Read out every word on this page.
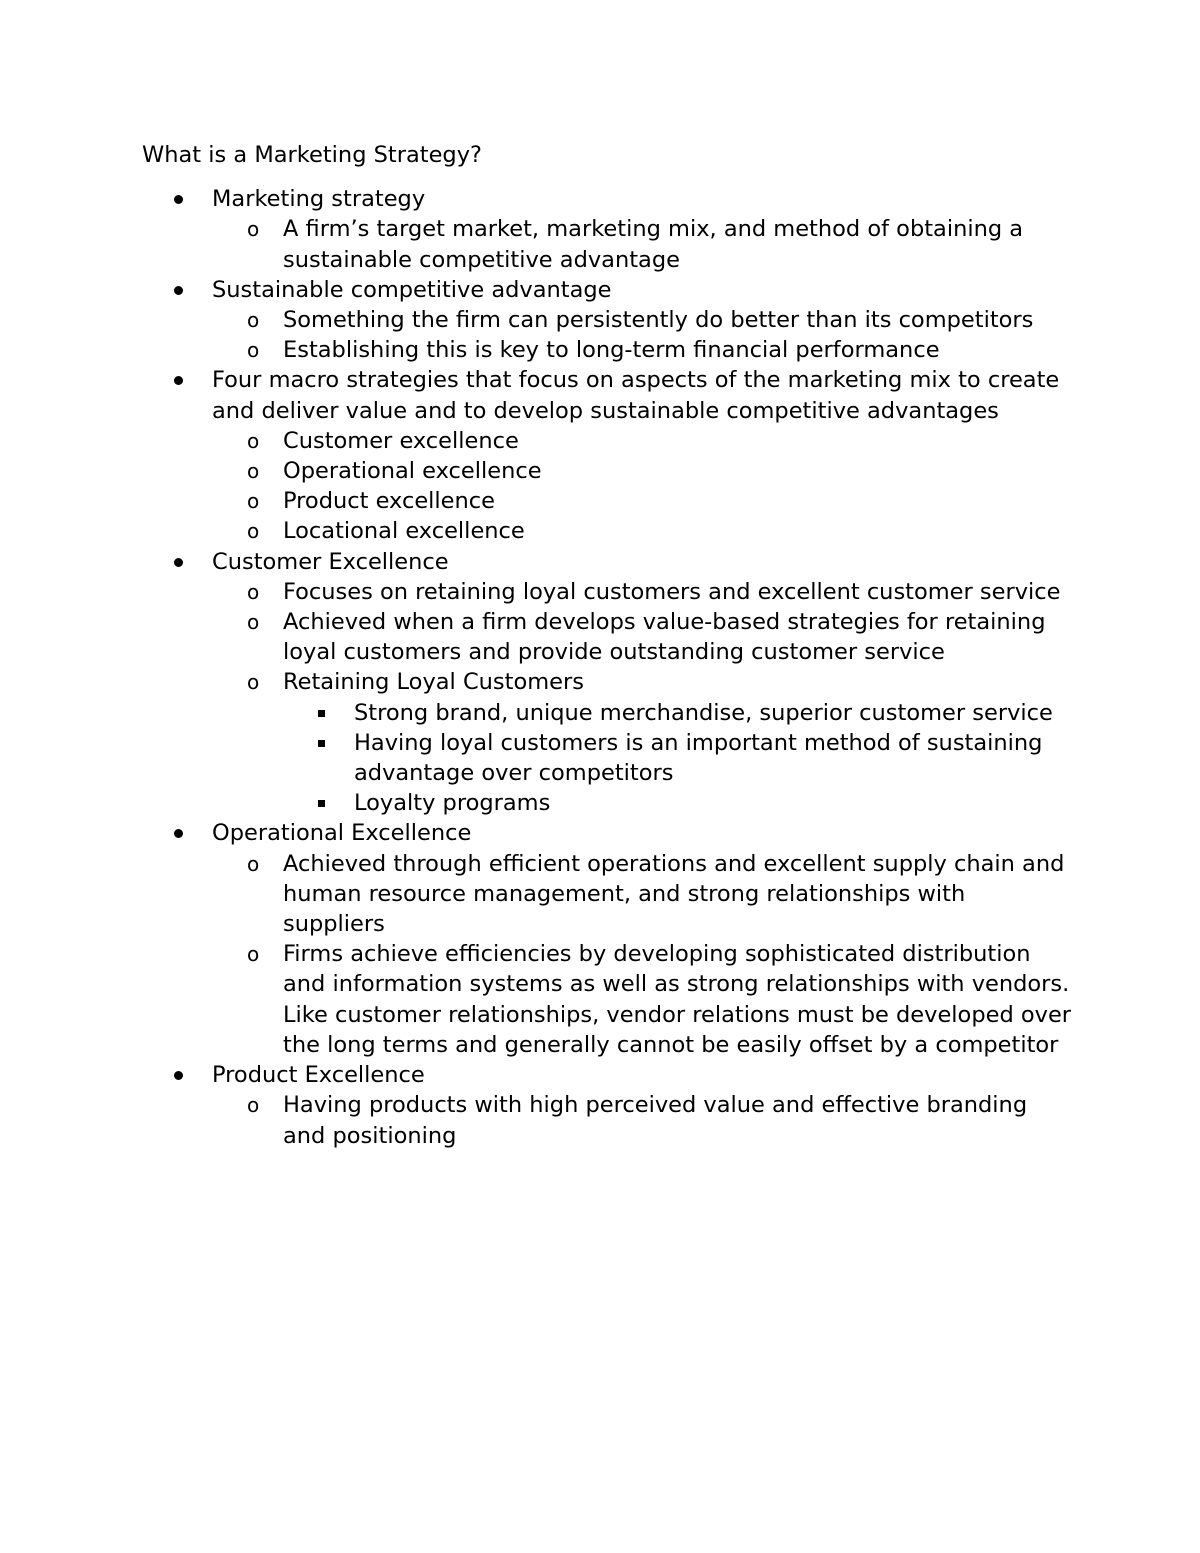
What is a Marketing Strategy?

Marketing strategy
o A firm’s target market, marketing mix, and method of obtaining a sustainable competitive advantage
Sustainable competitive advantage
o Something the firm can persistently do better than its competitors
o Establishing this is key to long-term financial performance
Four macro strategies that focus on aspects of the marketing mix to create and deliver value and to develop sustainable competitive advantages
o Customer excellence
o Operational excellence
o Product excellence
o Locational excellence
Customer Excellence
o Focuses on retaining loyal customers and excellent customer service
o Achieved when a firm develops value-based strategies for retaining loyal customers and provide outstanding customer service
o Retaining Loyal Customers
Strong brand, unique merchandise, superior customer service
Having loyal customers is an important method of sustaining advantage over competitors
Loyalty programs
Operational Excellence
o Achieved through efficient operations and excellent supply chain and human resource management, and strong relationships with suppliers
o Firms achieve efficiencies by developing sophisticated distribution and information systems as well as strong relationships with vendors. Like customer relationships, vendor relations must be developed over the long terms and generally cannot be easily offset by a competitor
Product Excellence
o Having products with high perceived value and effective branding and positioning
